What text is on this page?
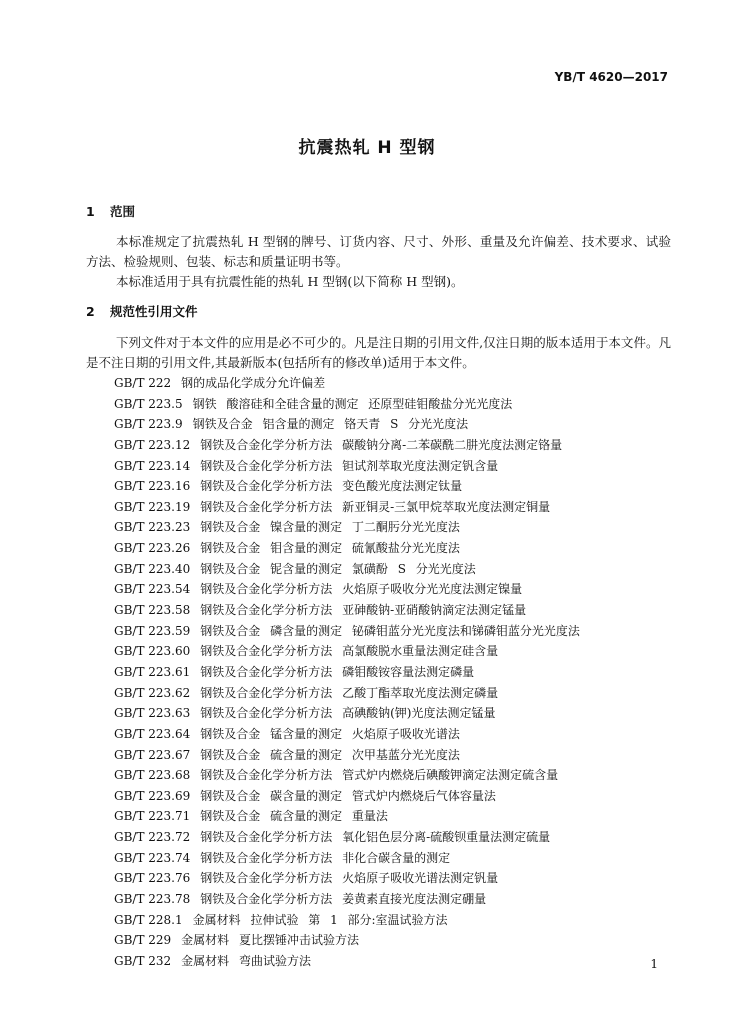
YB/T 4620—2017
抗震热轧 H 型钢
1 范围
本标准规定了抗震热轧 H 型钢的牌号、订货内容、尺寸、外形、重量及允许偏差、技术要求、试验方法、检验规则、包装、标志和质量证明书等。
本标准适用于具有抗震性能的热轧 H 型钢(以下简称 H 型钢)。
2 规范性引用文件
下列文件对于本文件的应用是必不可少的。凡是注日期的引用文件,仅注日期的版本适用于本文件。凡是不注日期的引用文件,其最新版本(包括所有的修改单)适用于本文件。
GB/T 222 钢的成品化学成分允许偏差
GB/T 223.5 钢铁 酸溶硅和全硅含量的测定 还原型硅钼酸盐分光光度法
GB/T 223.9 钢铁及合金 铝含量的测定 铬天青 S 分光光度法
GB/T 223.12 钢铁及合金化学分析方法 碳酸钠分离-二苯碳酰二肼光度法测定铬量
GB/T 223.14 钢铁及合金化学分析方法 钽试剂萃取光度法测定钒含量
GB/T 223.16 钢铁及合金化学分析方法 变色酸光度法测定钛量
GB/T 223.19 钢铁及合金化学分析方法 新亚铜灵-三氯甲烷萃取光度法测定铜量
GB/T 223.23 钢铁及合金 镍含量的测定 丁二酮肟分光光度法
GB/T 223.26 钢铁及合金 钼含量的测定 硫氰酸盐分光光度法
GB/T 223.40 钢铁及合金 铌含量的测定 氯磺酚 S 分光光度法
GB/T 223.54 钢铁及合金化学分析方法 火焰原子吸收分光光度法测定镍量
GB/T 223.58 钢铁及合金化学分析方法 亚砷酸钠-亚硝酸钠滴定法测定锰量
GB/T 223.59 钢铁及合金 磷含量的测定 铋磷钼蓝分光光度法和锑磷钼蓝分光光度法
GB/T 223.60 钢铁及合金化学分析方法 高氯酸脱水重量法测定硅含量
GB/T 223.61 钢铁及合金化学分析方法 磷钼酸铵容量法测定磷量
GB/T 223.62 钢铁及合金化学分析方法 乙酸丁酯萃取光度法测定磷量
GB/T 223.63 钢铁及合金化学分析方法 高碘酸钠(钾)光度法测定锰量
GB/T 223.64 钢铁及合金 锰含量的测定 火焰原子吸收光谱法
GB/T 223.67 钢铁及合金 硫含量的测定 次甲基蓝分光光度法
GB/T 223.68 钢铁及合金化学分析方法 管式炉内燃烧后碘酸钾滴定法测定硫含量
GB/T 223.69 钢铁及合金 碳含量的测定 管式炉内燃烧后气体容量法
GB/T 223.71 钢铁及合金 硫含量的测定 重量法
GB/T 223.72 钢铁及合金化学分析方法 氧化铝色层分离-硫酸钡重量法测定硫量
GB/T 223.74 钢铁及合金化学分析方法 非化合碳含量的测定
GB/T 223.76 钢铁及合金化学分析方法 火焰原子吸收光谱法测定钒量
GB/T 223.78 钢铁及合金化学分析方法 姜黄素直接光度法测定硼量
GB/T 228.1 金属材料 拉伸试验 第 1 部分:室温试验方法
GB/T 229 金属材料 夏比摆锤冲击试验方法
GB/T 232 金属材料 弯曲试验方法	1
